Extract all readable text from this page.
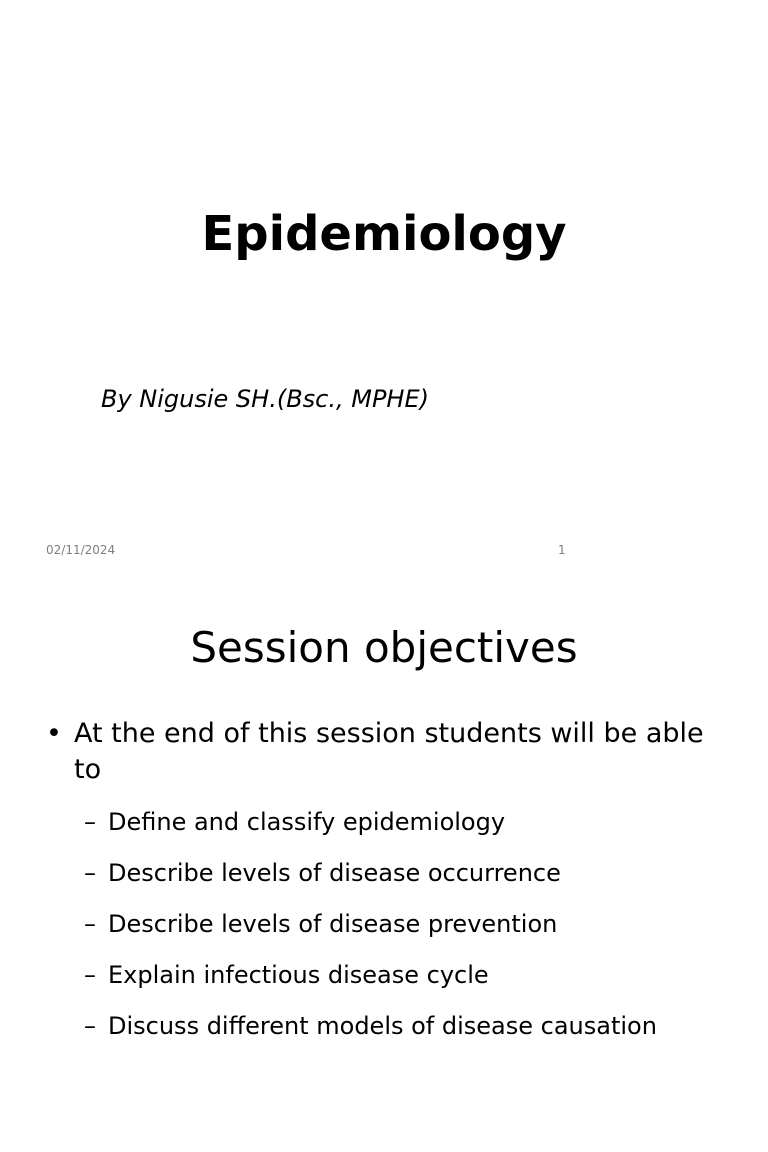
Epidemiology
By Nigusie SH.(Bsc., MPHE)
02/11/2024	1
Session objectives
• At the end of this session students will be able to
– Define and classify epidemiology
– Describe levels of disease occurrence
– Describe levels of disease prevention
– Explain infectious disease cycle
– Discuss different models of disease causation
